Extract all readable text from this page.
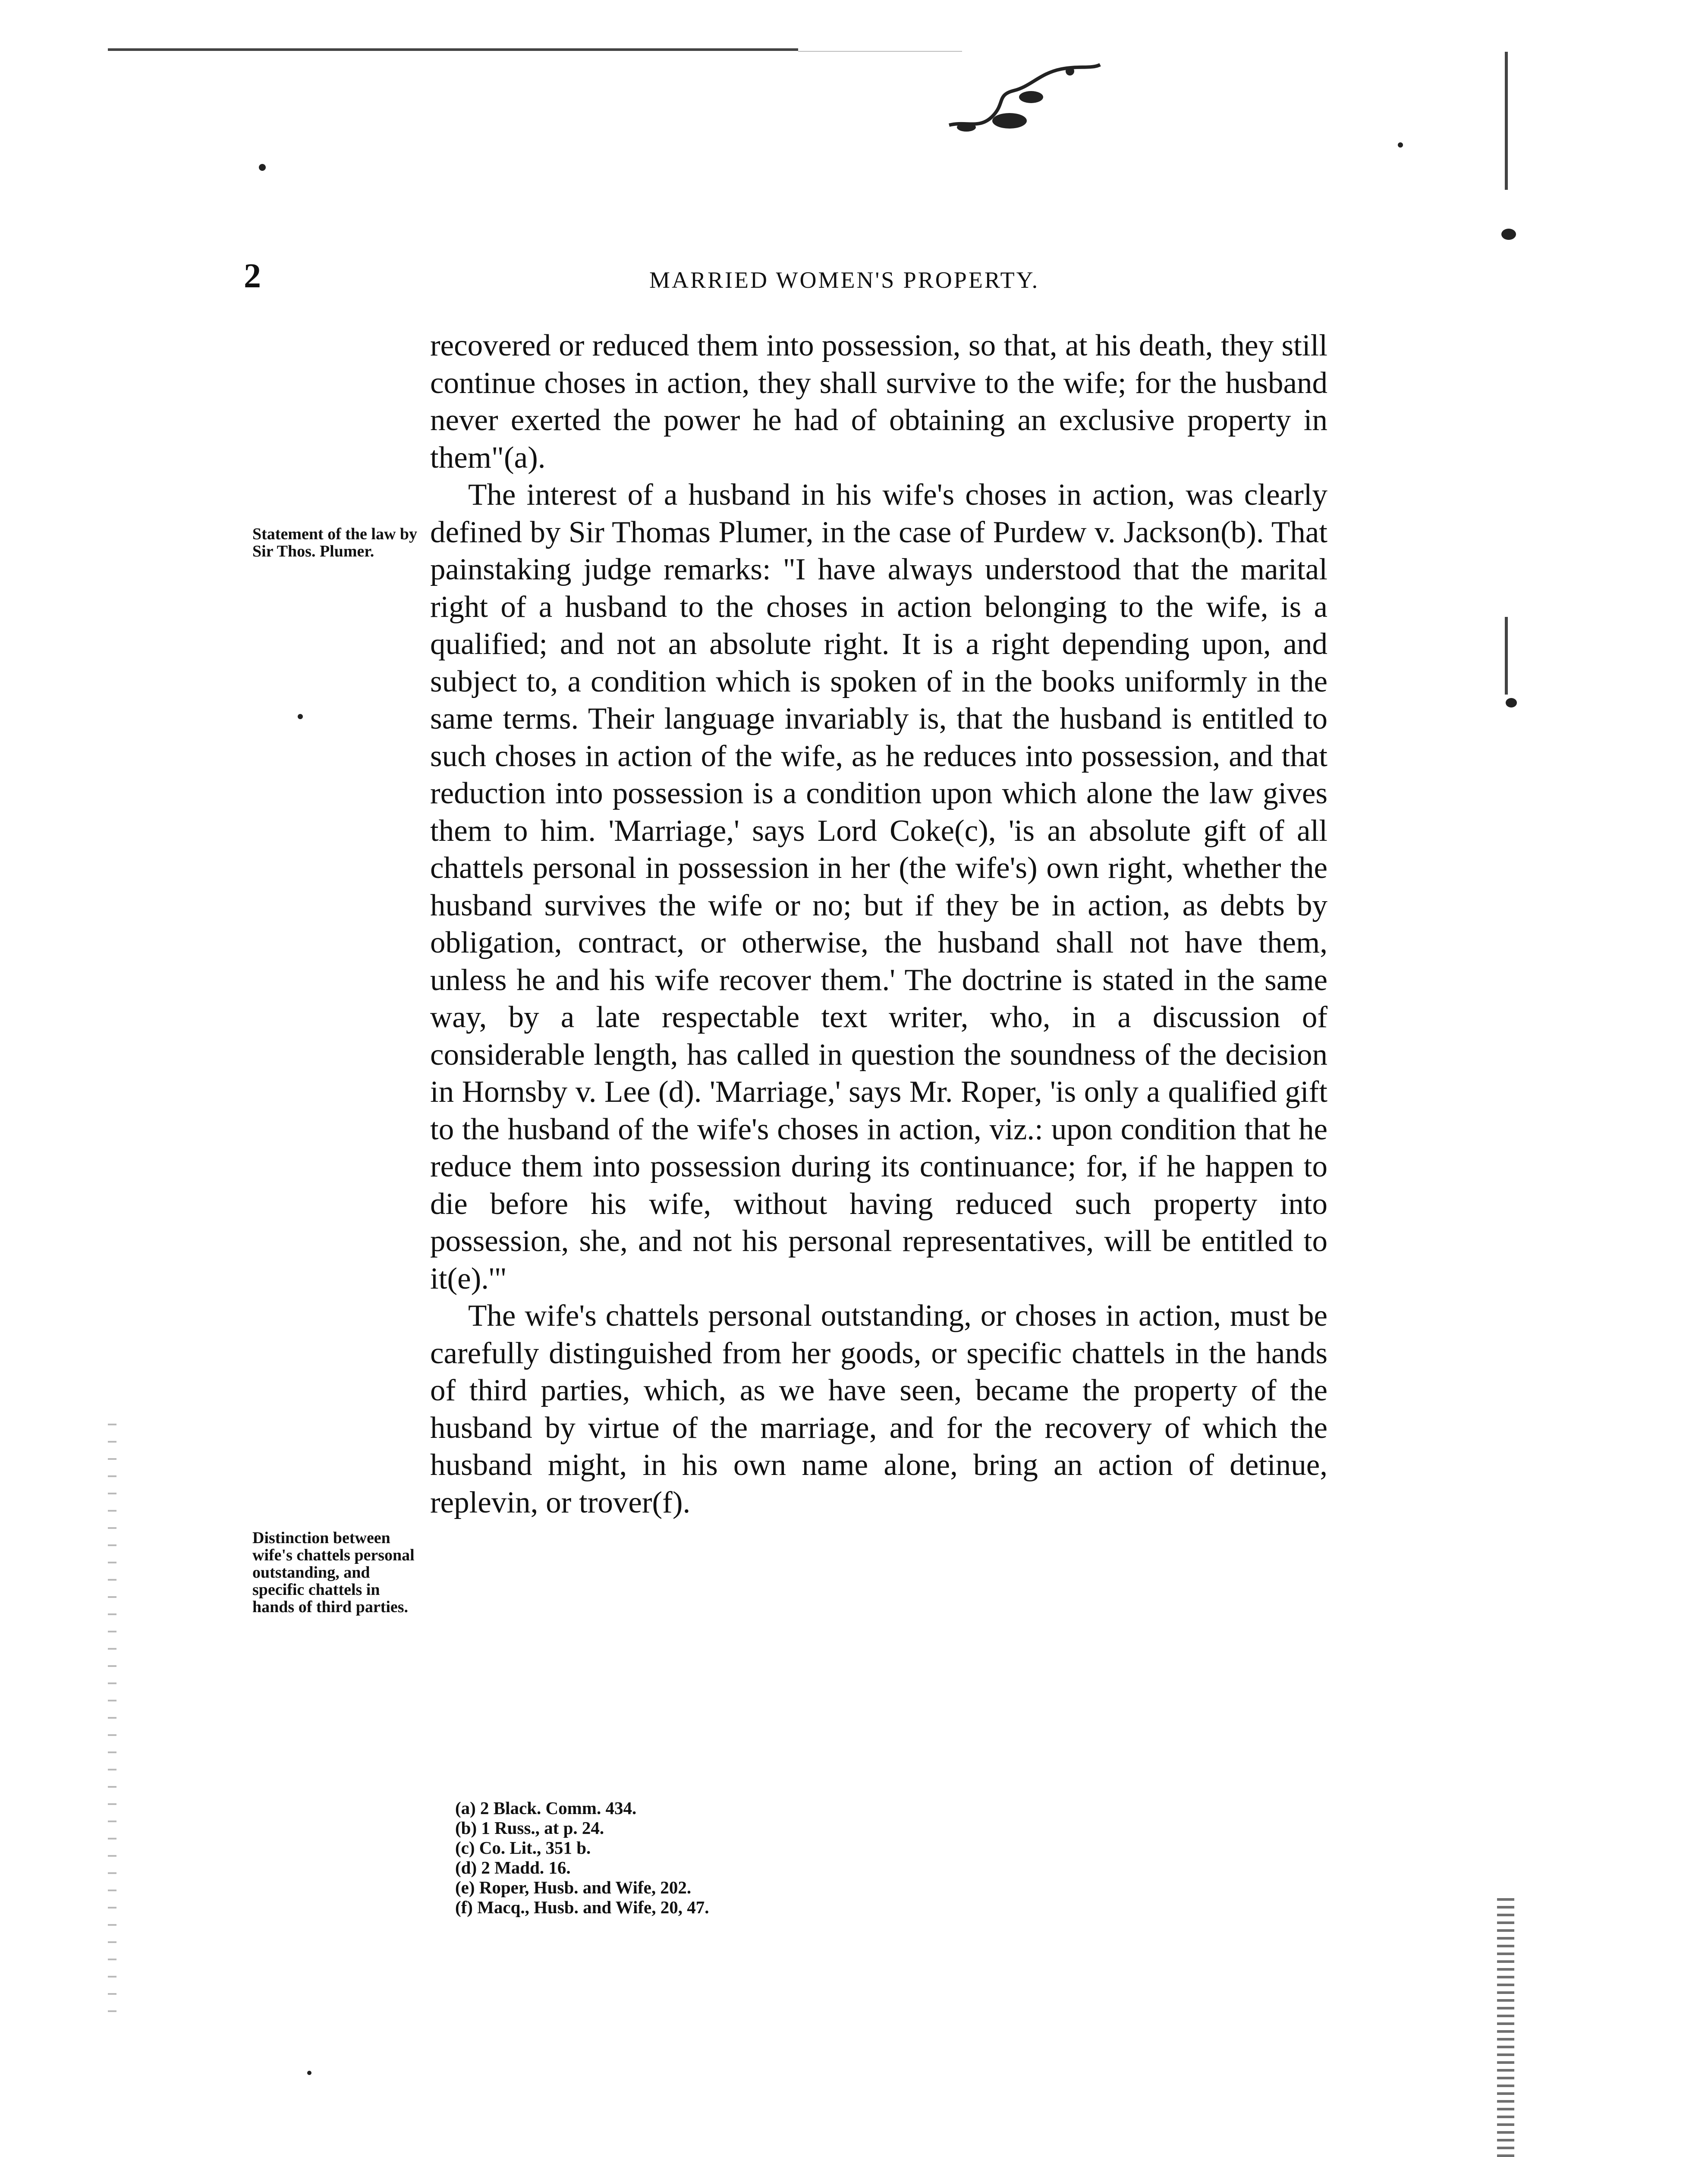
2	MARRIED WOMEN'S PROPERTY.
Statement of the law by Sir Thos. Plumer.
Distinction between wife's chattels personal outstanding, and specific chattels in hands of third parties.

recovered or reduced them into possession, so that, at his death, they still continue choses in action, they shall survive to the wife; for the husband never exerted the power he had of obtaining an exclusive property in them"(a).

The interest of a husband in his wife's choses in action, was clearly defined by Sir Thomas Plumer, in the case of Purdew v. Jackson(b). That painstaking judge remarks: "I have always understood that the marital right of a husband to the choses in action belonging to the wife, is a qualified; and not an absolute right. It is a right depending upon, and subject to, a condition which is spoken of in the books uniformly in the same terms. Their language invariably is, that the husband is entitled to such choses in action of the wife, as he reduces into possession, and that reduction into possession is a condition upon which alone the law gives them to him. 'Marriage,' says Lord Coke(c), 'is an absolute gift of all chattels personal in possession in her (the wife's) own right, whether the husband survives the wife or no; but if they be in action, as debts by obligation, contract, or otherwise, the husband shall not have them, unless he and his wife recover them.' The doctrine is stated in the same way, by a late respectable text writer, who, in a discussion of considerable length, has called in question the soundness of the decision in Hornsby v. Lee (d). 'Marriage,' says Mr. Roper, 'is only a qualified gift to the husband of the wife's choses in action, viz.: upon condition that he reduce them into possession during its continuance; for, if he happen to die before his wife, without having reduced such property into possession, she, and not his personal representatives, will be entitled to it(e).'"

The wife's chattels personal outstanding, or choses in action, must be carefully distinguished from her goods, or specific chattels in the hands of third parties, which, as we have seen, became the property of the husband by virtue of the marriage, and for the recovery of which the husband might, in his own name alone, bring an action of detinue, replevin, or trover(f).

(a) 2 Black. Comm. 434.
(b) 1 Russ., at p. 24.
(c) Co. Lit., 351 b.
(d) 2 Madd. 16.
(e) Roper, Husb. and Wife, 202.
(f) Macq., Husb. and Wife, 20, 47.
